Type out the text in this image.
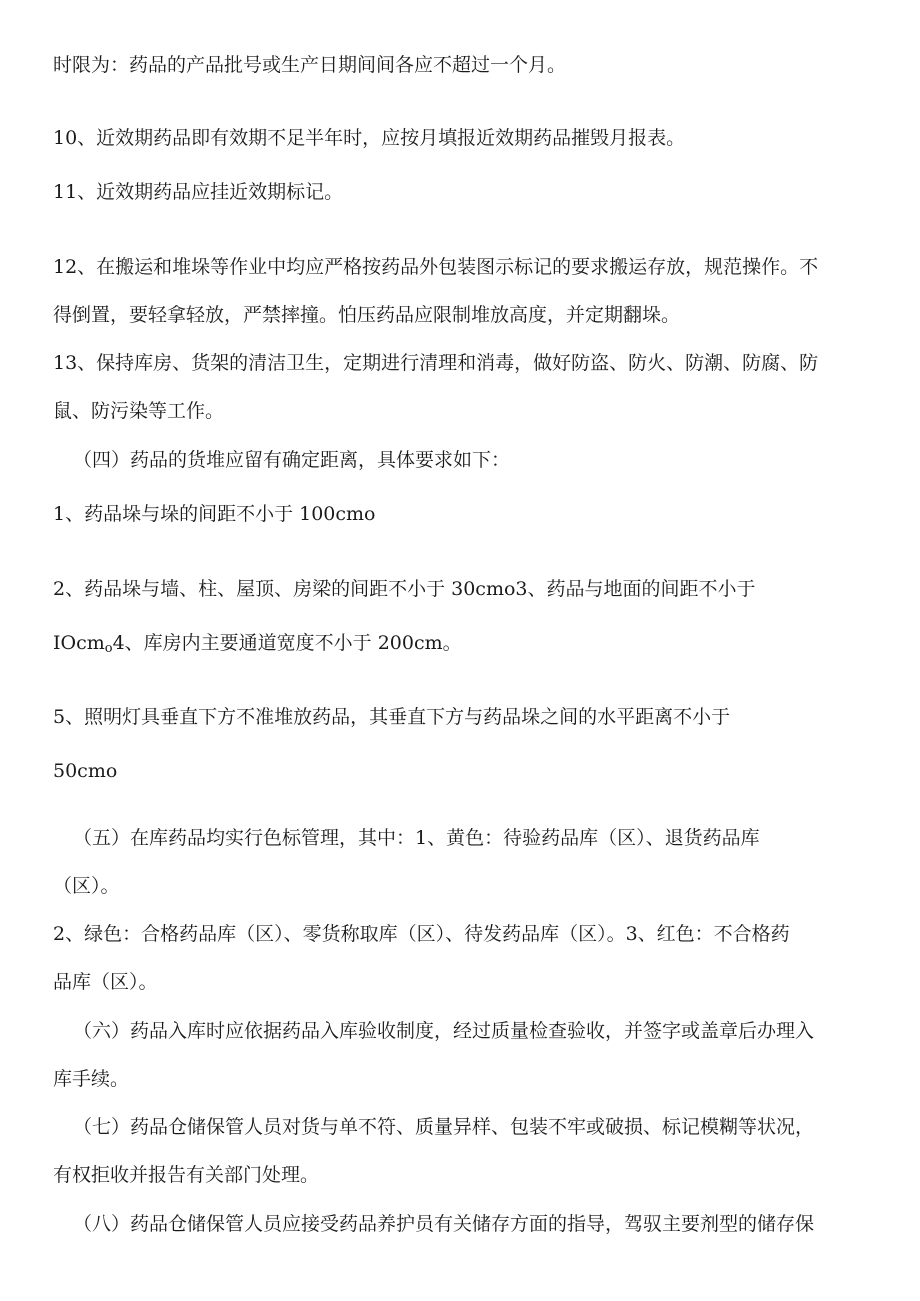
时限为：药品的产品批号或生产日期间间各应不超过一个月。
10、近效期药品即有效期不足半年时，应按月填报近效期药品摧毁月报表。
11、近效期药品应挂近效期标记。
12、在搬运和堆垛等作业中均应严格按药品外包装图示标记的要求搬运存放，规范操作。不
得倒置，要轻拿轻放，严禁摔撞。怕压药品应限制堆放高度，并定期翻垛。
13、保持库房、货架的清洁卫生，定期进行清理和消毒，做好防盗、防火、防潮、防腐、防
鼠、防污染等工作。
（四）药品的货堆应留有确定距离，具体要求如下：
1、药品垛与垛的间距不小于 100cmo
2、药品垛与墙、柱、屋顶、房梁的间距不小于 30cmo3、药品与地面的间距不小于
IOcm$_o$4、库房内主要通道宽度不小于 200cm。
5、照明灯具垂直下方不准堆放药品，其垂直下方与药品垛之间的水平距离不小于
50cmo
（五）在库药品均实行色标管理，其中：1、黄色：待验药品库（区）、退货药品库
（区）。
2、绿色：合格药品库（区）、零货称取库（区）、待发药品库（区）。3、红色：不合格药
品库（区）。
（六）药品入库时应依据药品入库验收制度，经过质量检查验收，并签字或盖章后办理入
库手续。
（七）药品仓储保管人员对货与单不符、质量异样、包装不牢或破损、标记模糊等状况，
有权拒收并报告有关部门处理。
（八）药品仓储保管人员应接受药品养护员有关储存方面的指导，驾驭主要剂型的储存保
